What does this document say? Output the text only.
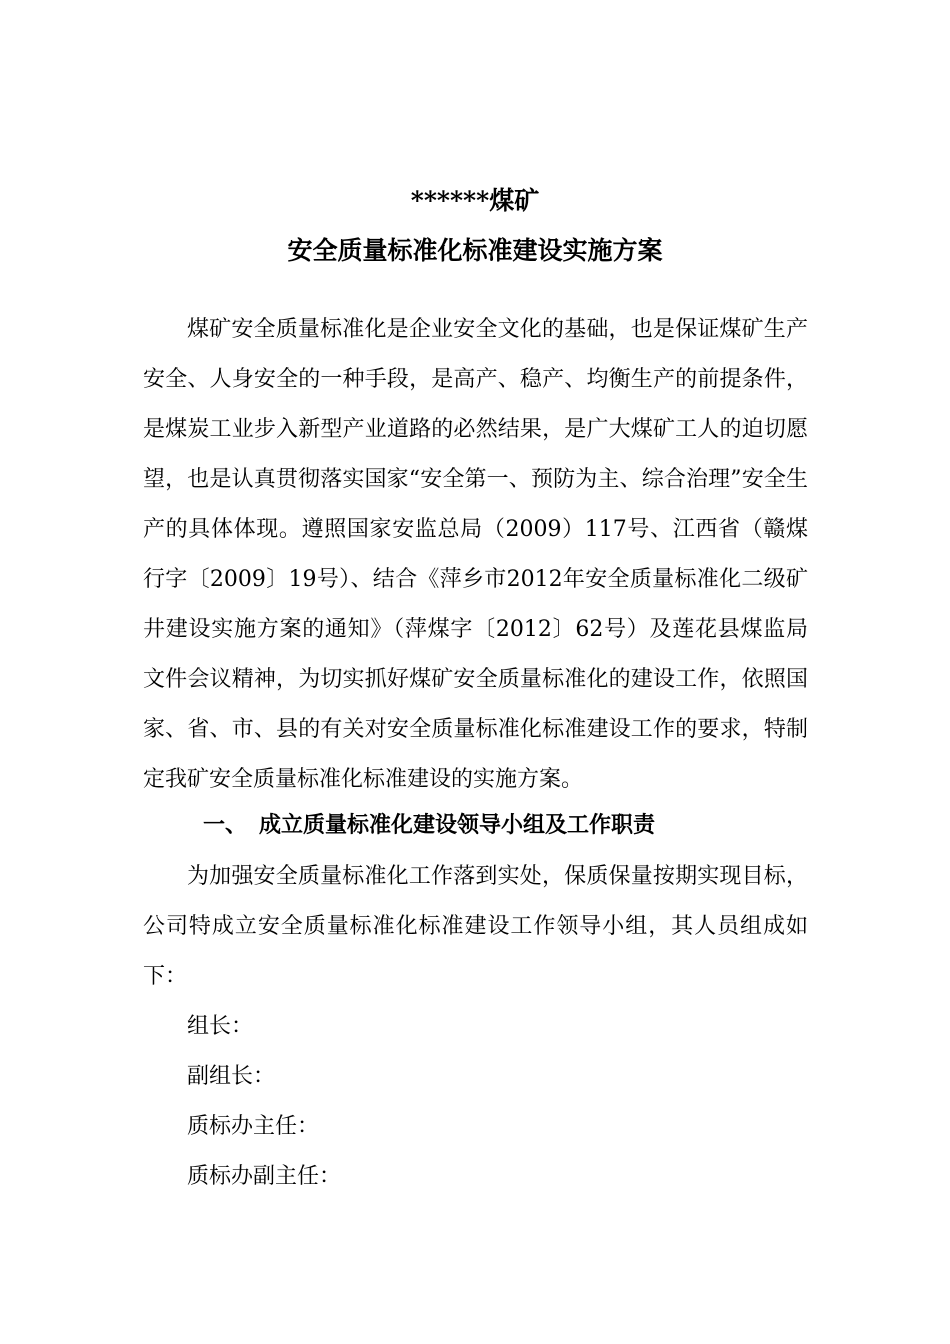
******煤矿
安全质量标准化标准建设实施方案

煤矿安全质量标准化是企业安全文化的基础，也是保证煤矿生产安全、人身安全的一种手段，是高产、稳产、均衡生产的前提条件，是煤炭工业步入新型产业道路的必然结果，是广大煤矿工人的迫切愿望，也是认真贯彻落实国家“安全第一、预防为主、综合治理”安全生产的具体体现。遵照国家安监总局（2009）117号、江西省（赣煤行字〔2009〕19号）、结合《萍乡市2012年安全质量标准化二级矿井建设实施方案的通知》（萍煤字〔2012〕62号）及莲花县煤监局文件会议精神，为切实抓好煤矿安全质量标准化的建设工作，依照国家、省、市、县的有关对安全质量标准化标准建设工作的要求，特制定我矿安全质量标准化标准建设的实施方案。

一、 成立质量标准化建设领导小组及工作职责

为加强安全质量标准化工作落到实处，保质保量按期实现目标，公司特成立安全质量标准化标准建设工作领导小组，其人员组成如下：

组长：

副组长：

质标办主任：

质标办副主任：
